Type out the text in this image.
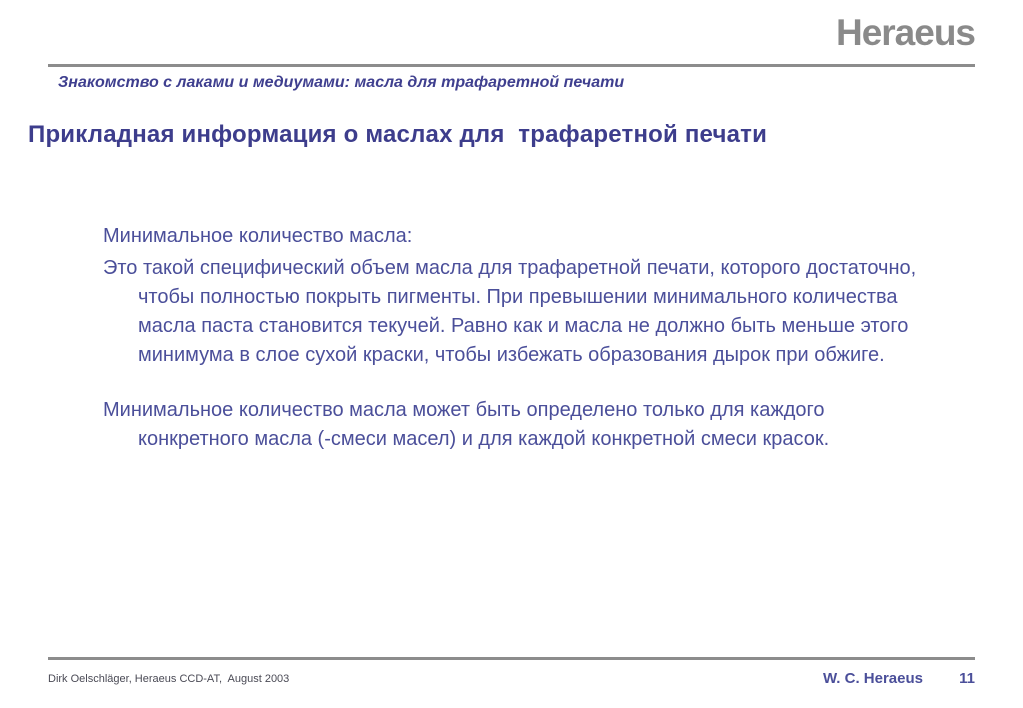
Heraeus
Знакомство с лаками и медиумами: масла для трафаретной печати
Прикладная информация о маслах для  трафаретной печати
Минимальное количество масла:

Это такой специфический объем масла для трафаретной печати, которого достаточно, чтобы полностью покрыть пигменты. При превышении минимального количества масла паста становится текучей. Равно как и масла не должно быть меньше этого минимума в слое сухой краски, чтобы избежать образования дырок при обжиге.

Минимальное количество масла может быть определено только для каждого конкретного масла (-смеси масел) и для каждой конкретной смеси красок.

Dirk Oelschläger, Heraeus CCD-AT,  August 2003	W. C. Heraeus 11
